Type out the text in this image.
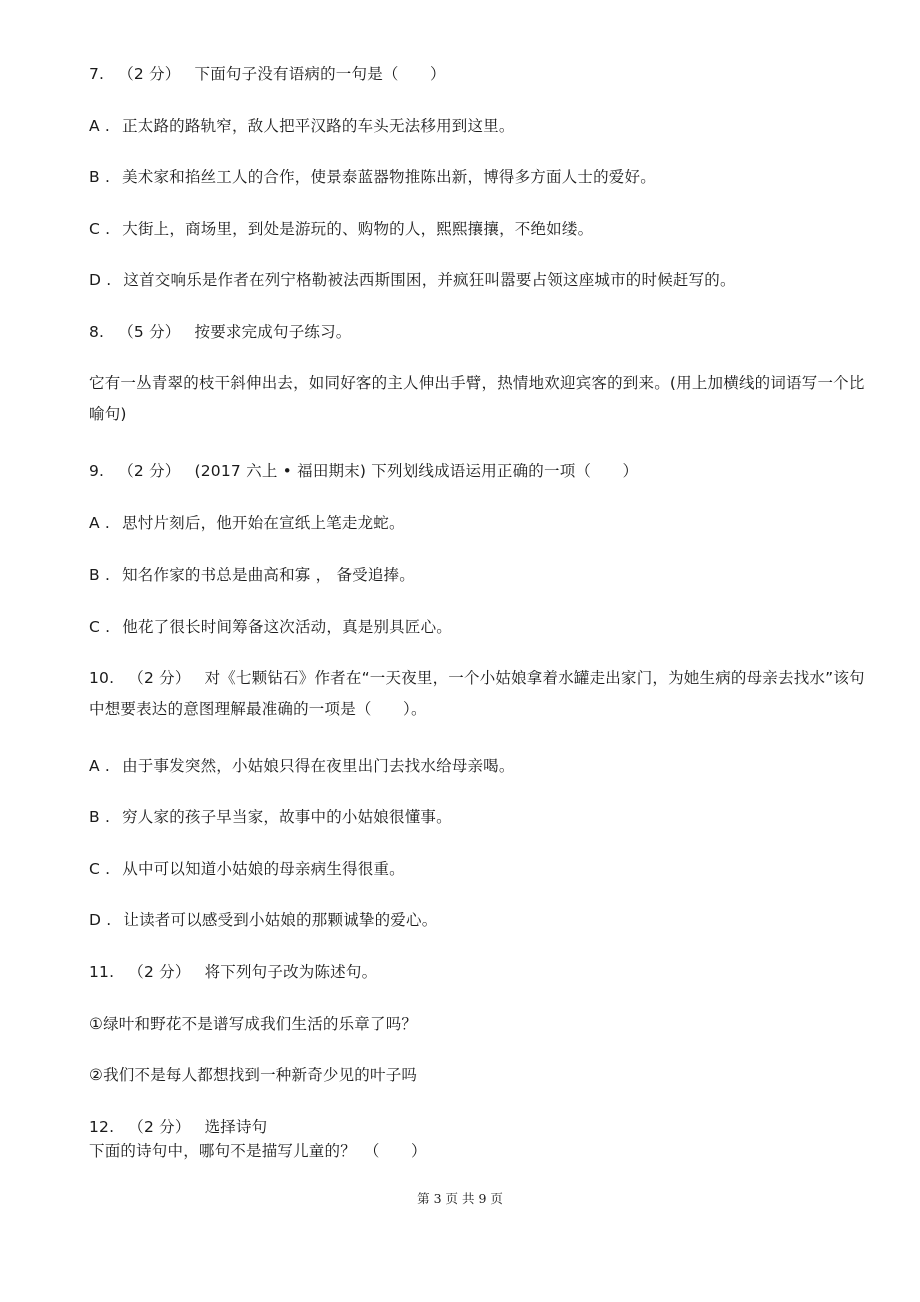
7. （2 分） 下面句子没有语病的一句是（　　）
A . 正太路的路轨窄，敌人把平汉路的车头无法移用到这里。
B . 美术家和掐丝工人的合作，使景泰蓝器物推陈出新，博得多方面人士的爱好。
C . 大街上，商场里，到处是游玩的、购物的人，熙熙攘攘，不绝如缕。
D . 这首交响乐是作者在列宁格勒被法西斯围困，并疯狂叫嚣要占领这座城市的时候赶写的。
8. （5 分） 按要求完成句子练习。
它有一丛青翠的枝干斜伸出去，如同好客的主人伸出手臂，热情地欢迎宾客的到来。(用上加横线的词语写一个比喻句)
9. （2 分） (2017 六上 • 福田期末) 下列划线成语运用正确的一项（　　）
A . 思忖片刻后，他开始在宣纸上笔走龙蛇。
B . 知名作家的书总是曲高和寡 ， 备受追捧。
C . 他花了很长时间筹备这次活动，真是别具匠心。
10. （2 分） 对《七颗钻石》作者在“一天夜里，一个小姑娘拿着水罐走出家门，为她生病的母亲去找水”该句中想要表达的意图理解最准确的一项是（　　）。
A . 由于事发突然，小姑娘只得在夜里出门去找水给母亲喝。
B . 穷人家的孩子早当家，故事中的小姑娘很懂事。
C . 从中可以知道小姑娘的母亲病生得很重。
D . 让读者可以感受到小姑娘的那颗诚挚的爱心。
11. （2 分） 将下列句子改为陈述句。
①绿叶和野花不是谱写成我们生活的乐章了吗？
②我们不是每人都想找到一种新奇少见的叶子吗
12. （2 分） 选择诗句
下面的诗句中，哪句不是描写儿童的？　（　　）
第 3 页 共 9 页
